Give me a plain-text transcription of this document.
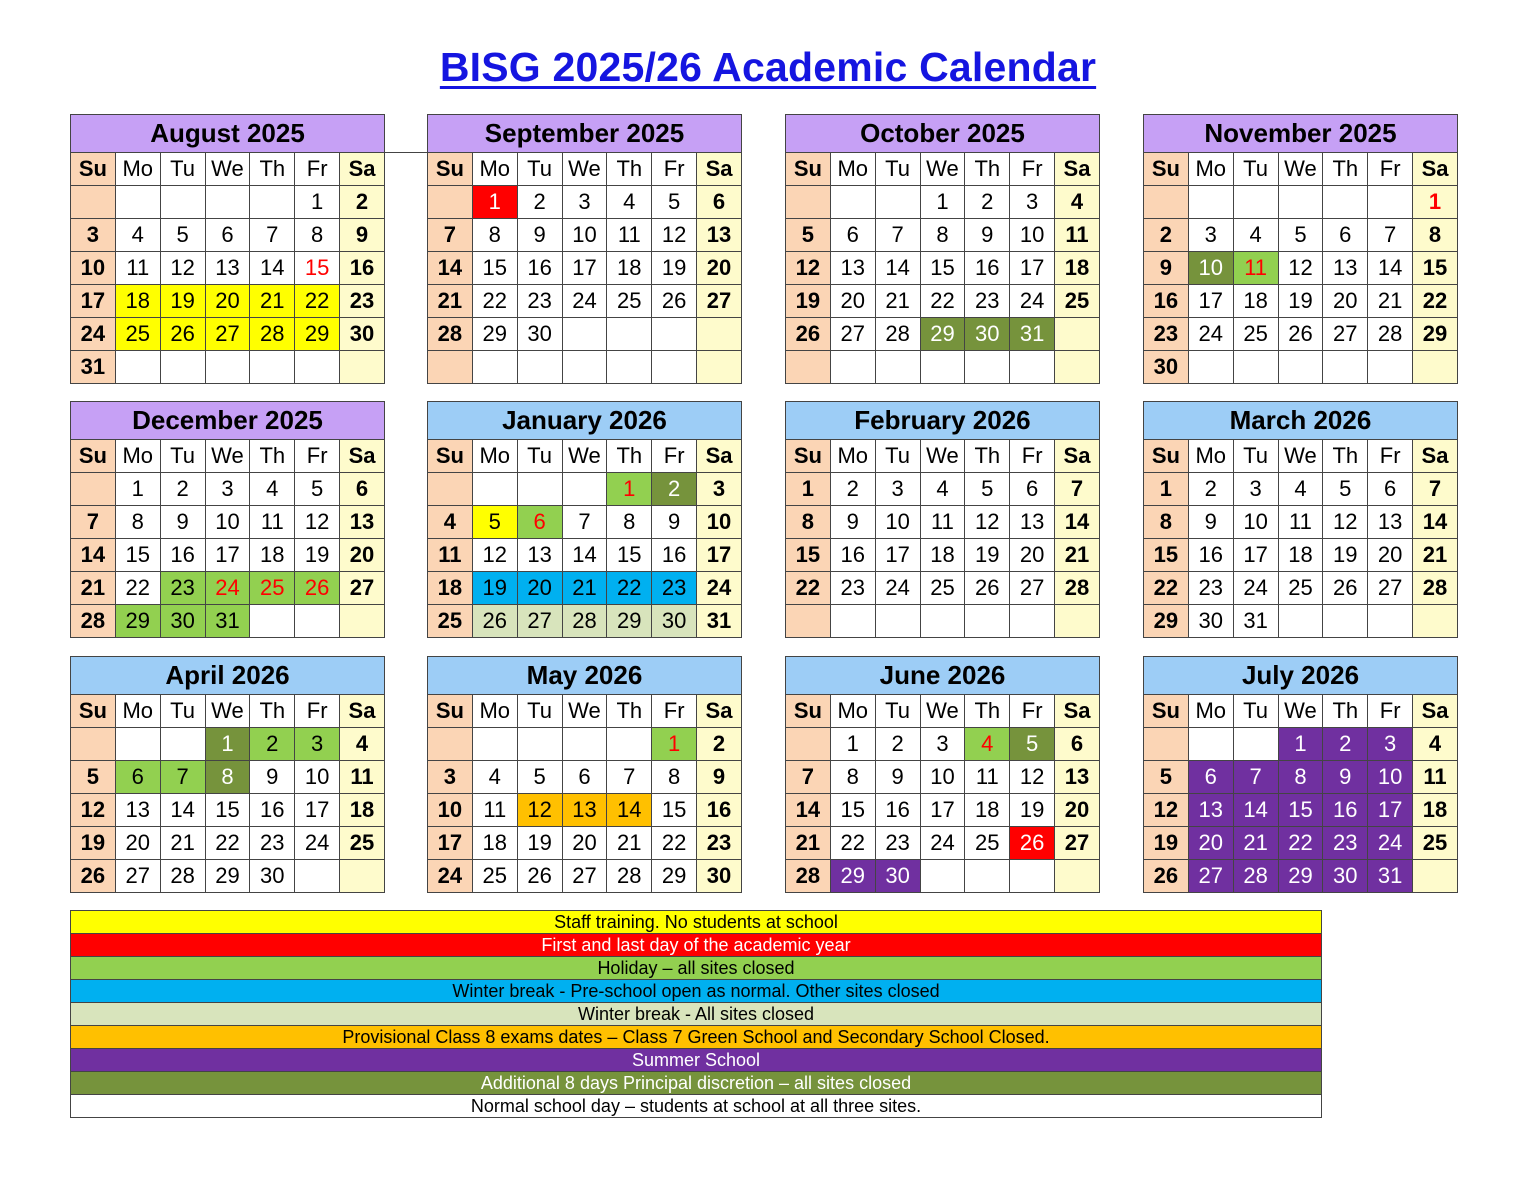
BISG 2025/26 Academic Calendar
August 2025						
Su	Mo	Tu	We	Th	Fr	Sa
					1	2
3	4	5	6	7	8	9
10	11	12	13	14	15	16
17	18	19	20	21	22	23
24	25	26	27	28	29	30
31						
September 2025						
Su	Mo	Tu	We	Th	Fr	Sa
	1	2	3	4	5	6
7	8	9	10	11	12	13
14	15	16	17	18	19	20
21	22	23	24	25	26	27
28	29	30				

October 2025						
Su	Mo	Tu	We	Th	Fr	Sa
			1	2	3	4
5	6	7	8	9	10	11
12	13	14	15	16	17	18
19	20	21	22	23	24	25
26	27	28	29	30	31	

November 2025						
Su	Mo	Tu	We	Th	Fr	Sa
						1
2	3	4	5	6	7	8
9	10	11	12	13	14	15
16	17	18	19	20	21	22
23	24	25	26	27	28	29
30						
December 2025						
Su	Mo	Tu	We	Th	Fr	Sa
	1	2	3	4	5	6
7	8	9	10	11	12	13
14	15	16	17	18	19	20
21	22	23	24	25	26	27
28	29	30	31			
January 2026						
Su	Mo	Tu	We	Th	Fr	Sa
				1	2	3
4	5	6	7	8	9	10
11	12	13	14	15	16	17
18	19	20	21	22	23	24
25	26	27	28	29	30	31
February 2026						
Su	Mo	Tu	We	Th	Fr	Sa
1	2	3	4	5	6	7
8	9	10	11	12	13	14
15	16	17	18	19	20	21
22	23	24	25	26	27	28

March 2026						
Su	Mo	Tu	We	Th	Fr	Sa
1	2	3	4	5	6	7
8	9	10	11	12	13	14
15	16	17	18	19	20	21
22	23	24	25	26	27	28
29	30	31				
April 2026						
Su	Mo	Tu	We	Th	Fr	Sa
			1	2	3	4
5	6	7	8	9	10	11
12	13	14	15	16	17	18
19	20	21	22	23	24	25
26	27	28	29	30		
May 2026						
Su	Mo	Tu	We	Th	Fr	Sa
					1	2
3	4	5	6	7	8	9
10	11	12	13	14	15	16
17	18	19	20	21	22	23
24	25	26	27	28	29	30
June 2026						
Su	Mo	Tu	We	Th	Fr	Sa
	1	2	3	4	5	6
7	8	9	10	11	12	13
14	15	16	17	18	19	20
21	22	23	24	25	26	27
28	29	30				
July 2026						
Su	Mo	Tu	We	Th	Fr	Sa
			1	2	3	4
5	6	7	8	9	10	11
12	13	14	15	16	17	18
19	20	21	22	23	24	25
26	27	28	29	30	31	
Staff training. No students at school
First and last day of the academic year
Holiday – all sites closed
Winter break - Pre-school open as normal. Other sites closed
Winter break - All sites closed
Provisional Class 8 exams dates – Class 7 Green School and Secondary School Closed.
Summer School
Additional 8 days Principal discretion – all sites closed
Normal school day – students at school at all three sites.
